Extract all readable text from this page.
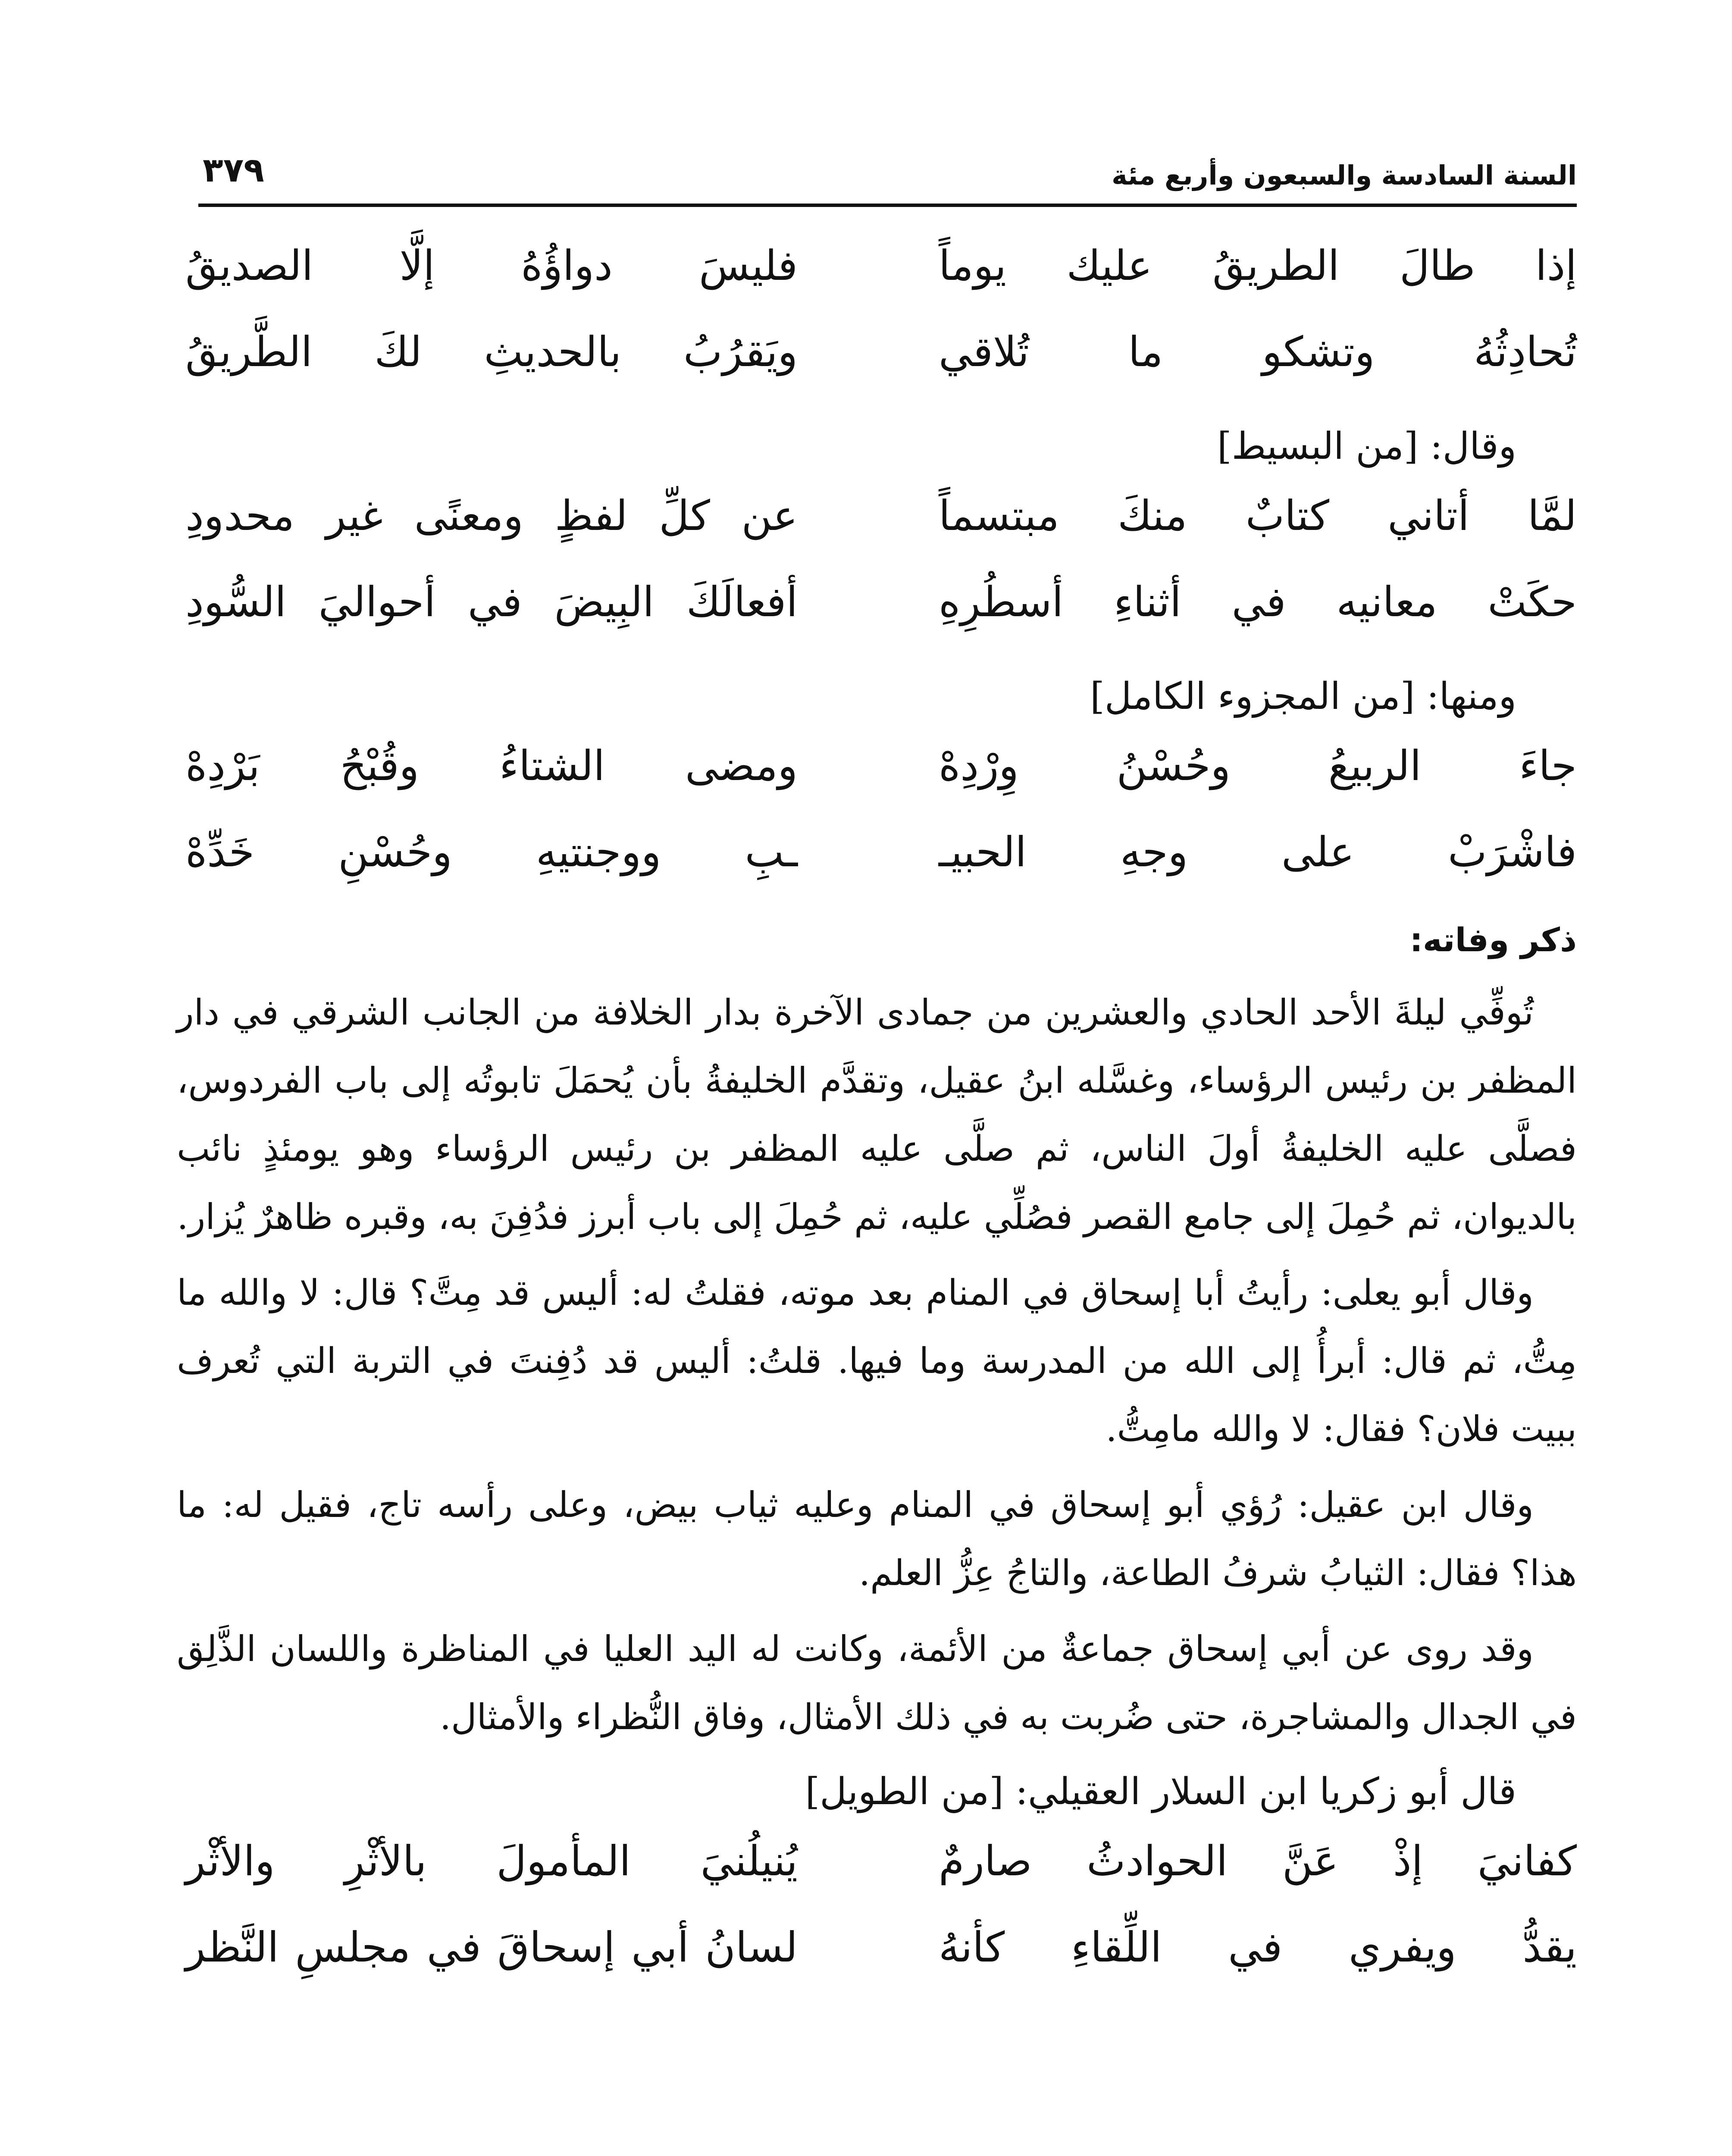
السنة السادسة والسبعون وأربع مئة
٣٧٩
إذا طالَ الطريقُ عليك يوماً
فليسَ دواؤُهُ إلَّا الصديقُ
تُحادِثُهُ وتشكو ما تُلاقي
ويَقرُبُ بالحديثِ لكَ الطَّريقُ
وقال: [من البسيط]
لمَّا أتاني كتابٌ منكَ مبتسماً
عن كلِّ لفظٍ ومعنًى غير محدودِ
حكَتْ معانيه في أثناءِ أسطُرِهِ
أفعالَكَ البِيضَ في أحواليَ السُّودِ
ومنها: [من المجزوء الكامل]
جاءَ الربيعُ وحُسْنُ وِرْدِهْ
ومضى الشتاءُ وقُبْحُ بَرْدِهْ
فاشْرَبْ على وجهِ الحبيـ
ـبِ ووجنتيهِ وحُسْنِ خَدِّهْ
ذكر وفاته:

تُوفِّي ليلةَ الأحد الحادي والعشرين من جمادى الآخرة بدار الخلافة من الجانب الشرقي في دار المظفر بن رئيس الرؤساء، وغسَّله ابنُ عقيل، وتقدَّم الخليفةُ بأن يُحمَلَ تابوتُه إلى باب الفردوس، فصلَّى عليه الخليفةُ أولَ الناس، ثم صلَّى عليه المظفر بن رئيس الرؤساء وهو يومئذٍ نائب بالديوان، ثم حُمِلَ إلى جامع القصر فصُلِّي عليه، ثم حُمِلَ إلى باب أبرز فدُفِنَ به، وقبره ظاهرٌ يُزار.

وقال أبو يعلى: رأيتُ أبا إسحاق في المنام بعد موته، فقلتُ له: أليس قد مِتَّ؟ قال: لا والله ما مِتُّ، ثم قال: أبرأُ إلى الله من المدرسة وما فيها. قلتُ: أليس قد دُفِنتَ في التربة التي تُعرف ببيت فلان؟ فقال: لا والله مامِتُّ.

وقال ابن عقيل: رُؤي أبو إسحاق في المنام وعليه ثياب بيض، وعلى رأسه تاج، فقيل له: ما هذا؟ فقال: الثيابُ شرفُ الطاعة، والتاجُ عِزُّ العلم.

وقد روى عن أبي إسحاق جماعةٌ من الأئمة، وكانت له اليد العليا في المناظرة واللسان الذَّلِق في الجدال والمشاجرة، حتى ضُربت به في ذلك الأمثال، وفاق النُّظراء والأمثال.

قال أبو زكريا ابن السلار العقيلي: [من الطويل]
كفانيَ إذْ عَنَّ الحوادثُ صارمٌ
يُنيلُنيَ المأمولَ بالأثْرِ والأثْر
يقدُّ ويفري في اللِّقاءِ كأنهُ
لسانُ أبي إسحاقَ في مجلسِ النَّظر
